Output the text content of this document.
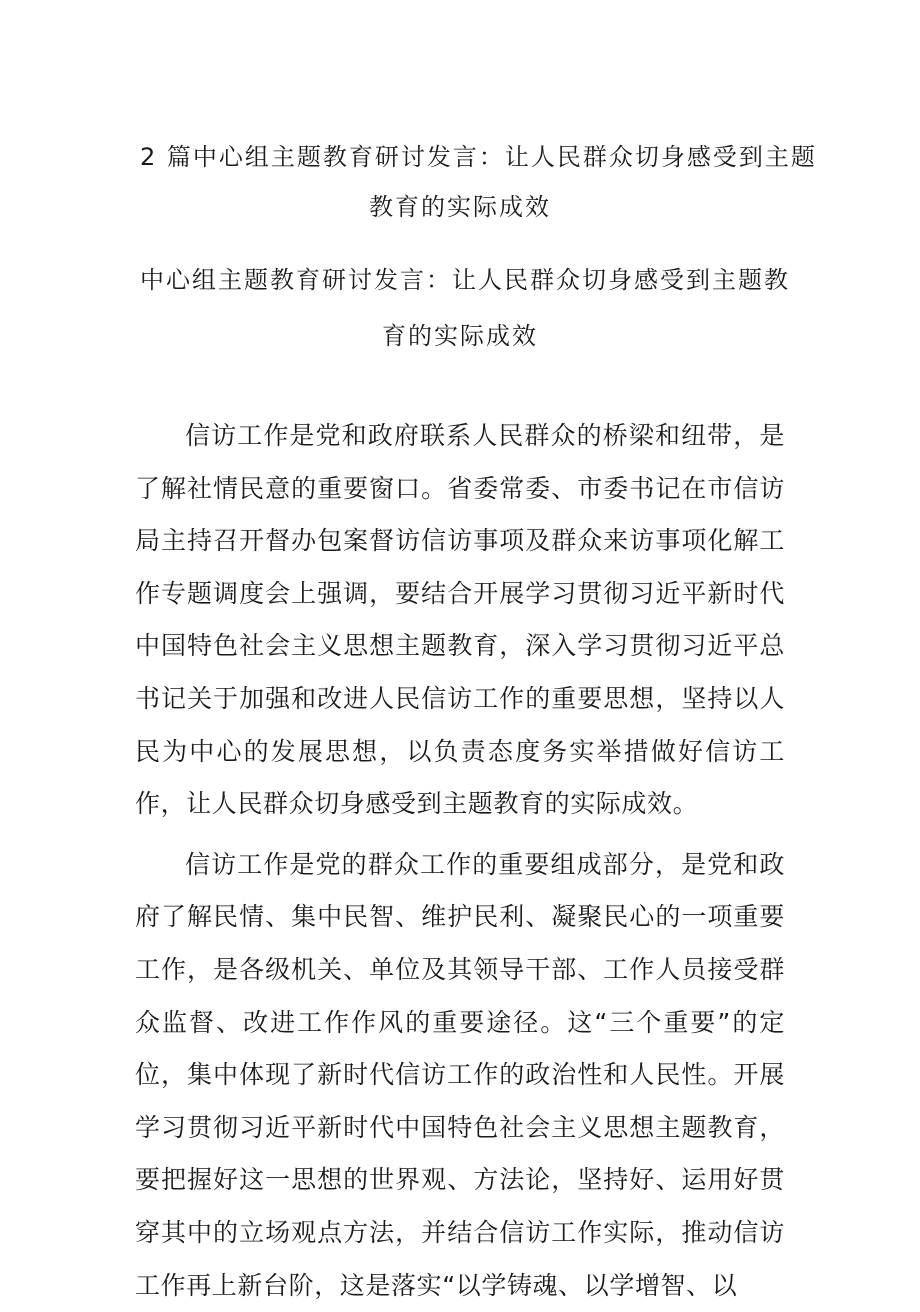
2 篇中心组主题教育研讨发言：让人民群众切身感受到主题
教育的实际成效
中心组主题教育研讨发言：让人民群众切身感受到主题教
育的实际成效

信访工作是党和政府联系人民群众的桥梁和纽带，是了解社情民意的重要窗口。省委常委、市委书记在市信访局主持召开督办包案督访信访事项及群众来访事项化解工作专题调度会上强调，要结合开展学习贯彻习近平新时代中国特色社会主义思想主题教育，深入学习贯彻习近平总书记关于加强和改进人民信访工作的重要思想，坚持以人民为中心的发展思想，以负责态度务实举措做好信访工作，让人民群众切身感受到主题教育的实际成效。

信访工作是党的群众工作的重要组成部分，是党和政府了解民情、集中民智、维护民利、凝聚民心的一项重要工作，是各级机关、单位及其领导干部、工作人员接受群众监督、改进工作作风的重要途径。这“三个重要”的定位，集中体现了新时代信访工作的政治性和人民性。开展学习贯彻习近平新时代中国特色社会主义思想主题教育，要把握好这一思想的世界观、方法论，坚持好、运用好贯穿其中的立场观点方法，并结合信访工作实际，推动信访工作再上新台阶，这是落实“以学铸魂、以学增智、以
